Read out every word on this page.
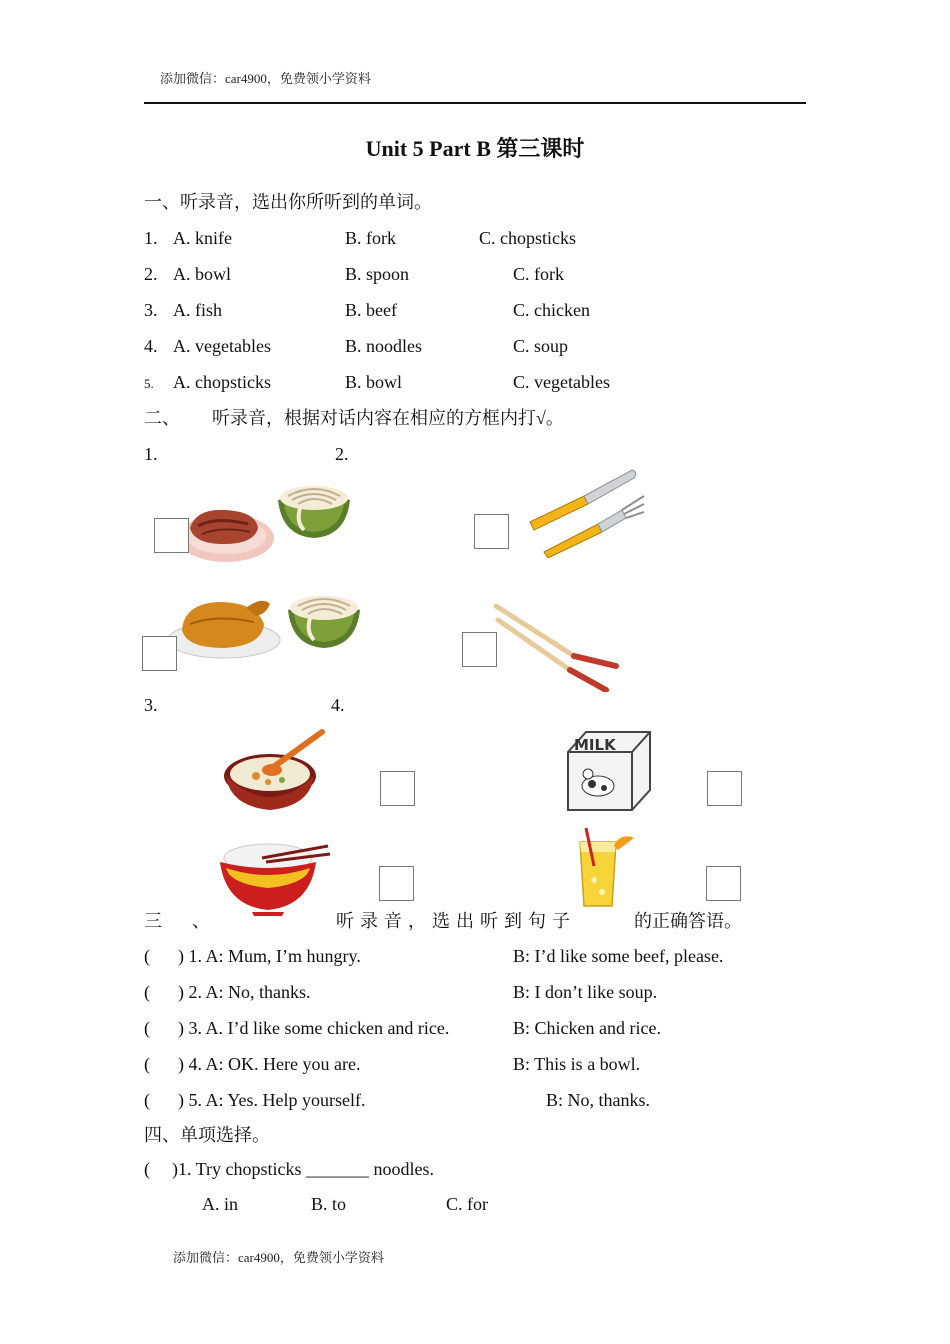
添加微信：car4900，免费领小学资料
Unit 5 Part B 第三课时
一、听录音，选出你所听到的单词。
1. A. knife	B. fork	C. chopsticks
2. A. bowl	B. spoon	C. fork
3. A. fish	B. beef	C. chicken
4. A. vegetables	B. noodles	C. soup
5. A. chopsticks	B. bowl	C. vegetables
二、 听录音，根据对话内容在相应的方框内打√。
1.	2.
3.	4.
MILK
三　、	听录音，选出听到句子	的正确答语。
( ) 1. A: Mum, I’m hungry.	B: I’d like some beef, please.
( ) 2. A: No, thanks.	B: I don’t like soup.
( ) 3. A. I’d like some chicken and rice.	B: Chicken and rice.
( ) 4. A: OK. Here you are.	B: This is a bowl.
( ) 5. A: Yes. Help yourself.	B: No, thanks.
四、单项选择。
( )1. Try chopsticks _______ noodles.
A. in	B. to	C. for
添加微信：car4900，免费领小学资料
